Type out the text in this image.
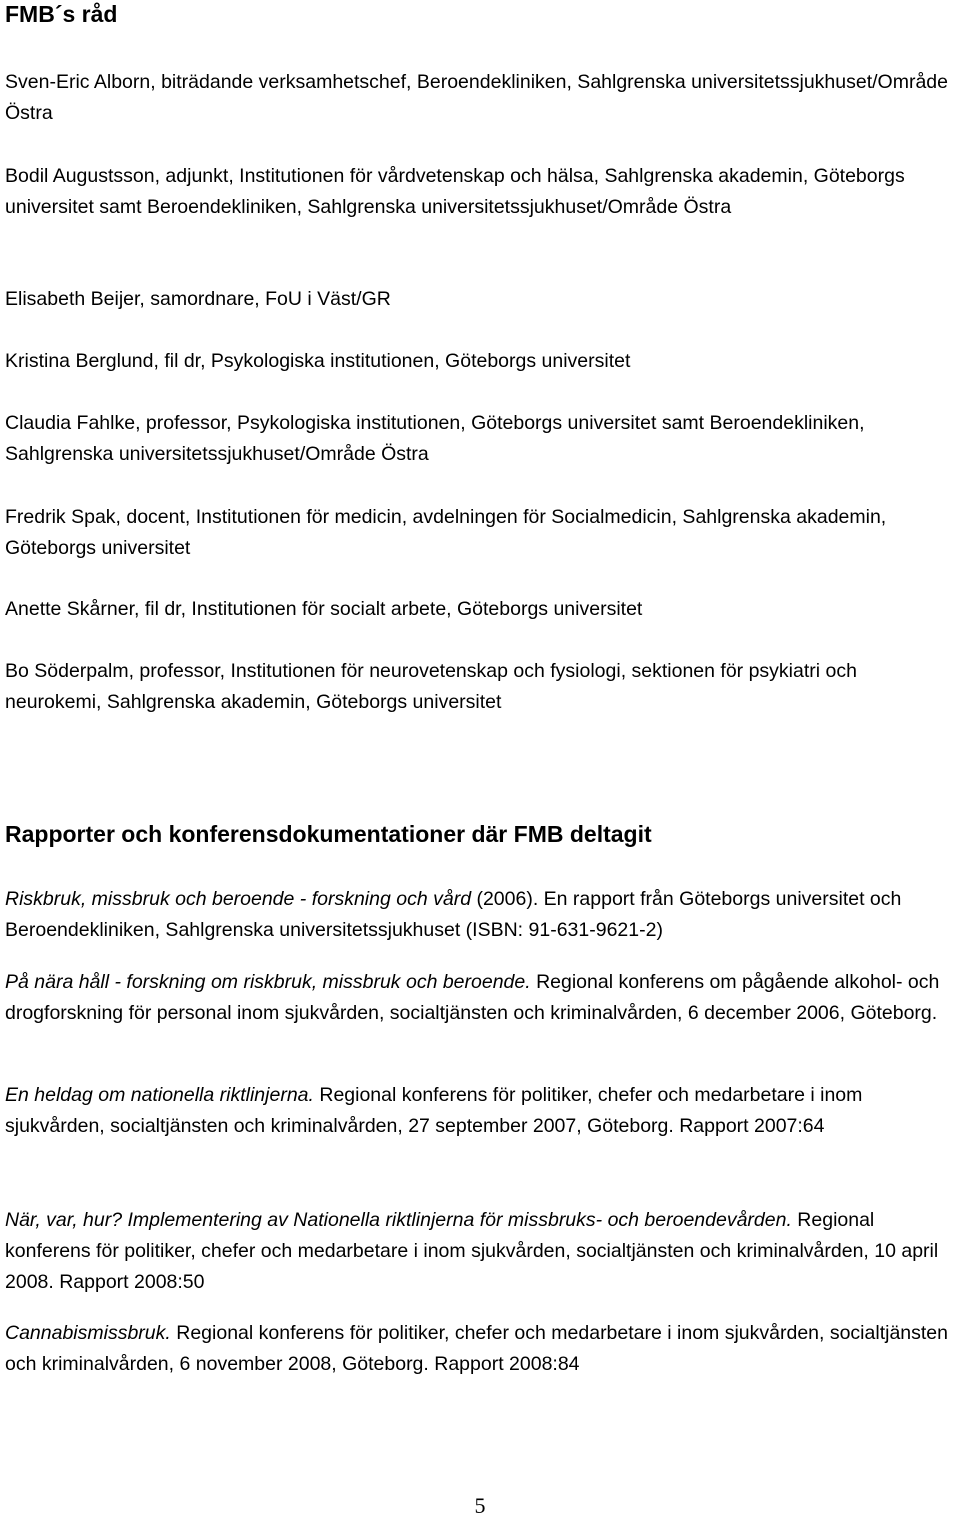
FMB´s råd

Sven-Eric Alborn, biträdande verksamhetschef, Beroendekliniken, Sahlgrenska universitetssjukhuset/Område Östra

Bodil Augustsson, adjunkt, Institutionen för vårdvetenskap och hälsa, Sahlgrenska akademin, Göteborgs universitet samt Beroendekliniken, Sahlgrenska universitetssjukhuset/Område Östra

Elisabeth Beijer, samordnare, FoU i Väst/GR

Kristina Berglund, fil dr, Psykologiska institutionen, Göteborgs universitet

Claudia Fahlke, professor, Psykologiska institutionen, Göteborgs universitet samt Beroendekliniken, Sahlgrenska universitetssjukhuset/Område Östra

Fredrik Spak, docent, Institutionen för medicin, avdelningen för Socialmedicin, Sahlgrenska akademin, Göteborgs universitet

Anette Skårner, fil dr, Institutionen för socialt arbete, Göteborgs universitet

Bo Söderpalm, professor, Institutionen för neurovetenskap och fysiologi, sektionen för psykiatri och neurokemi, Sahlgrenska akademin, Göteborgs universitet

Rapporter och konferensdokumentationer där FMB deltagit

Riskbruk, missbruk och beroende - forskning och vård (2006). En rapport från Göteborgs universitet och Beroendekliniken, Sahlgrenska universitetssjukhuset (ISBN: 91-631-9621-2)

På nära håll - forskning om riskbruk, missbruk och beroende. Regional konferens om pågående alkohol- och drogforskning för personal inom sjukvården, socialtjänsten och kriminalvården, 6 december 2006, Göteborg.

En heldag om nationella riktlinjerna. Regional konferens för politiker, chefer och medarbetare i inom sjukvården, socialtjänsten och kriminalvården, 27 september 2007, Göteborg. Rapport 2007:64

När, var, hur? Implementering av Nationella riktlinjerna för missbruks- och beroendevården. Regional konferens för politiker, chefer och medarbetare i inom sjukvården, socialtjänsten och kriminalvården, 10 april 2008. Rapport 2008:50

Cannabismissbruk. Regional konferens för politiker, chefer och medarbetare i inom sjukvården, socialtjänsten och kriminalvården, 6 november 2008, Göteborg. Rapport 2008:84

5
